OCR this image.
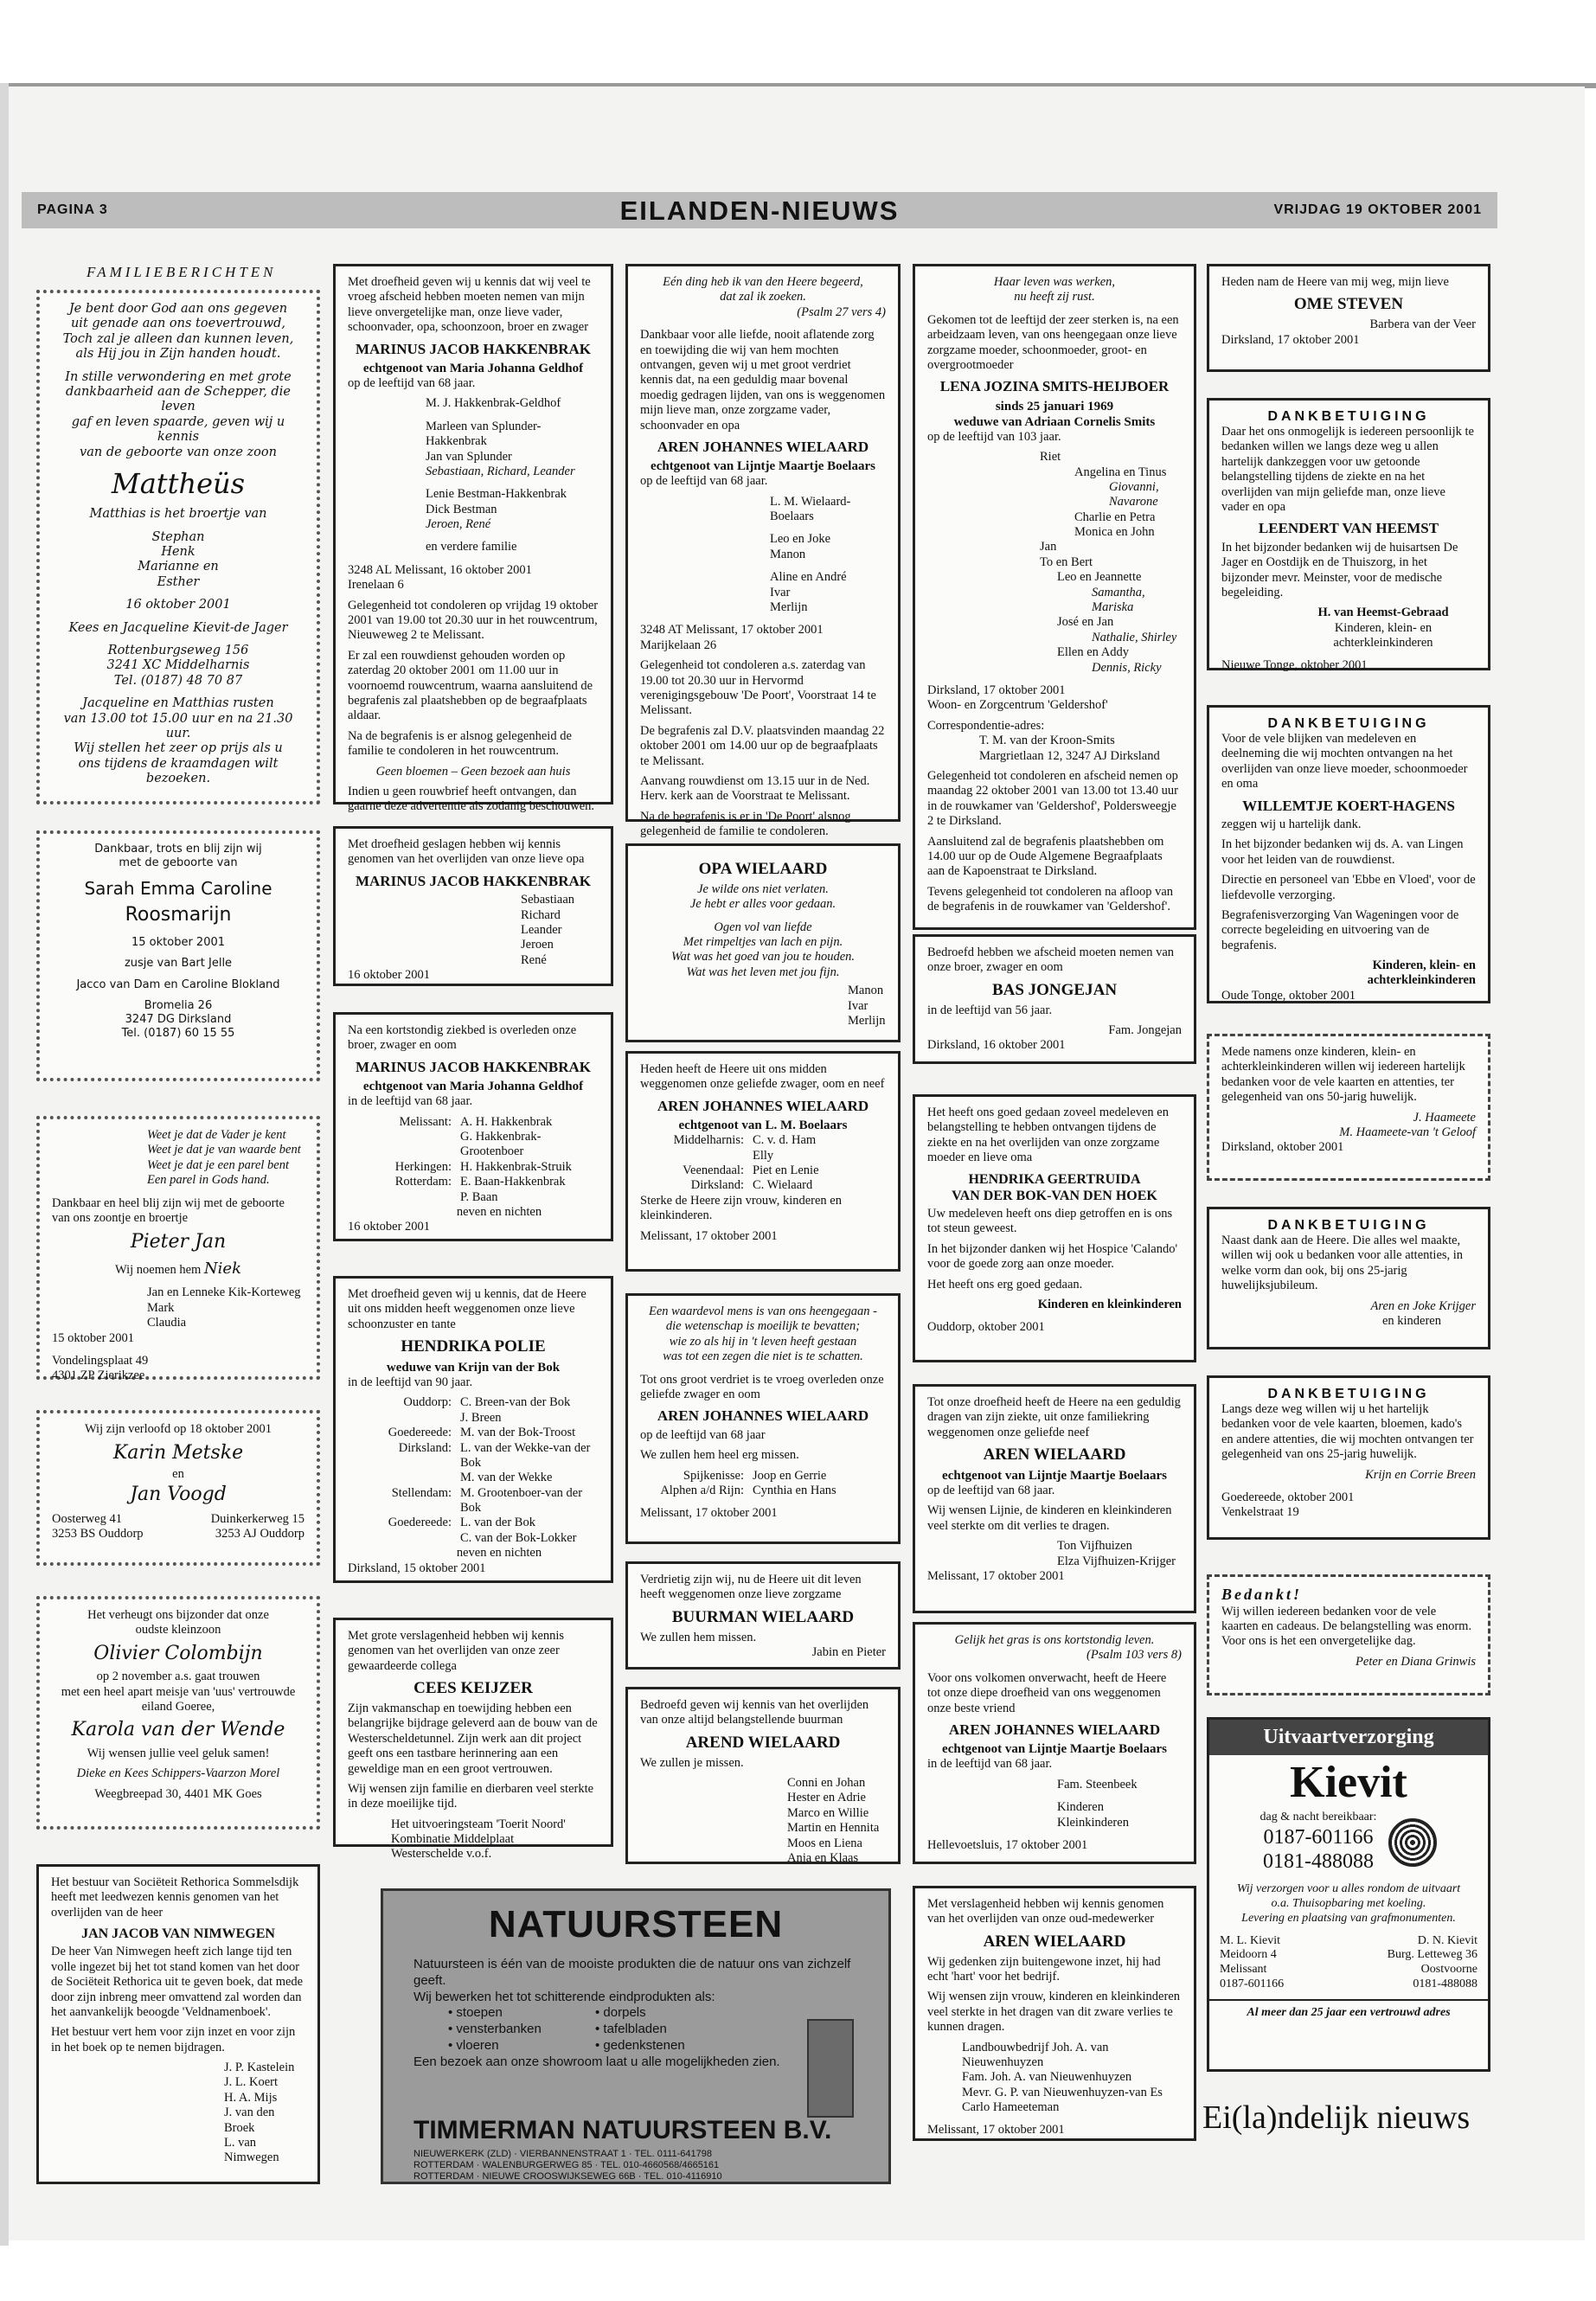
PAGINA 3	EILANDEN-NIEUWS	VRIJDAG 19 OKTOBER 2001
FAMILIEBERICHTEN
Je bent door God aan ons gegeven
uit genade aan ons toevertrouwd,
Toch zal je alleen dan kunnen leven,
als Hij jou in Zijn handen houdt.
In stille verwondering en met grote
dankbaarheid aan de Schepper, die leven
gaf en leven spaarde, geven wij u kennis
van de geboorte van onze zoon
Mattheüs
Matthias is het broertje van
Stephan
Henk
Marianne en
Esther
16 oktober 2001
Kees en Jacqueline Kievit-de Jager
Rottenburgseweg 156
3241 XC Middelharnis
Tel. (0187) 48 70 87
Jacqueline en Matthias rusten
van 13.00 tot 15.00 uur en na 21.30 uur.
Wij stellen het zeer op prijs als u
ons tijdens de kraamdagen wilt bezoeken.
Dankbaar, trots en blij zijn wij
met de geboorte van
Sarah Emma Caroline
Roosmarijn
15 oktober 2001
zusje van Bart Jelle
Jacco van Dam en Caroline Blokland
Bromelia 26
3247 DG Dirksland
Tel. (0187) 60 15 55
Weet je dat de Vader je kent
Weet je dat je van waarde bent
Weet je dat je een parel bent
Een parel in Gods hand.
Dankbaar en heel blij zijn wij met de geboorte van ons zoontje en broertje
Pieter Jan
Wij noemen hem Niek
Jan en Lenneke Kik-Korteweg
Mark
Claudia
15 oktober 2001
Vondelingsplaat 49
4301 ZP Zierikzee
Wij zijn verloofd op 18 oktober 2001
Karin Metske
en
Jan Voogd
Oosterweg 41
3253 BS Ouddorp
Duinkerkerweg 15
3253 AJ Ouddorp
Het verheugt ons bijzonder dat onze
oudste kleinzoon
Olivier Colombijn
op 2 november a.s. gaat trouwen
met een heel apart meisje van 'uus' vertrouwde eiland Goeree,
Karola van der Wende
Wij wensen jullie veel geluk samen!
Dieke en Kees Schippers-Vaarzon Morel
Weegbreepad 30, 4401 MK Goes

Het bestuur van Sociëteit Rethorica Sommelsdijk heeft met leedwezen kennis genomen van het overlijden van de heer

JAN JACOB VAN NIMWEGEN

De heer Van Nimwegen heeft zich lange tijd ten volle ingezet bij het tot stand komen van het door de Sociëteit Rethorica uit te geven boek, dat mede door zijn inbreng meer omvattend zal worden dan het aanvankelijk beoogde 'Veldnamenboek'.

Het bestuur vert hem voor zijn inzet en voor zijn in het boek op te nemen bijdragen.

J. P. Kastelein
J. L. Koert
H. A. Mijs
J. van den Broek
L. van Nimwegen

Met droefheid geven wij u kennis dat wij veel te vroeg afscheid hebben moeten nemen van mijn lieve onvergetelijke man, onze lieve vader, schoonvader, opa, schoonzoon, broer en zwager

MARINUS JACOB HAKKENBRAK
echtgenoot van Maria Johanna Geldhof

op de leeftijd van 68 jaar.

M. J. Hakkenbrak-Geldhof
Marleen van Splunder-Hakkenbrak
Jan van Splunder
Sebastiaan, Richard, Leander
Lenie Bestman-Hakkenbrak
Dick Bestman
Jeroen, René
en verdere familie
3248 AL Melissant, 16 oktober 2001

Irenelaan 6

Gelegenheid tot condoleren op vrijdag 19 oktober 2001 van 19.00 tot 20.30 uur in het rouwcentrum, Nieuweweg 2 te Melissant.

Er zal een rouwdienst gehouden worden op zaterdag 20 oktober 2001 om 11.00 uur in voornoemd rouwcentrum, waarna aansluitend de begrafenis zal plaatshebben op de begraafplaats aldaar.

Na de begrafenis is er alsnog gelegenheid de familie te condoleren in het rouwcentrum.

Geen bloemen – Geen bezoek aan huis

Indien u geen rouwbrief heeft ontvangen, dan gaarne deze advertentie als zodanig beschouwen.

Met droefheid geslagen hebben wij kennis genomen van het overlijden van onze lieve opa

MARINUS JACOB HAKKENBRAK
Sebastiaan
Richard
Leander
Jeroen
René
16 oktober 2001

Na een kortstondig ziekbed is overleden onze broer, zwager en oom

MARINUS JACOB HAKKENBRAK
echtgenoot van Maria Johanna Geldhof

in de leeftijd van 68 jaar.

Melissant: A. H. Hakkenbrak
G. Hakkenbrak-Grootenboer
Herkingen: H. Hakkenbrak-Struik
Rotterdam: E. Baan-Hakkenbrak
P. Baan
neven en nichten
16 oktober 2001

Met droefheid geven wij u kennis, dat de Heere uit ons midden heeft weggenomen onze lieve schoonzuster en tante

HENDRIKA POLIE
weduwe van Krijn van der Bok

in de leeftijd van 90 jaar.

Ouddorp: C. Breen-van der Bok
J. Breen
Goedereede: M. van der Bok-Troost
Dirksland: L. van der Wekke-van der Bok
M. van der Wekke
Stellendam: M. Grootenboer-van der Bok
Goedereede: L. van der Bok
C. van der Bok-Lokker
neven en nichten
Dirksland, 15 oktober 2001

Met grote verslagenheid hebben wij kennis genomen van het overlijden van onze zeer gewaardeerde collega

CEES KEIJZER

Zijn vakmanschap en toewijding hebben een belangrijke bijdrage geleverd aan de bouw van de Westerscheldetunnel. Zijn werk aan dit project geeft ons een tastbare herinnering aan een geweldige man en een groot vertrouwen.

Wij wensen zijn familie en dierbaren veel sterkte in deze moeilijke tijd.

Het uitvoeringsteam 'Toerit Noord'
Kombinatie Middelplaat
Westerschelde v.o.f.
Eén ding heb ik van den Heere begeerd,
dat zal ik zoeken.
(Psalm 27 vers 4)

Dankbaar voor alle liefde, nooit aflatende zorg en toewijding die wij van hem mochten ontvangen, geven wij u met groot verdriet kennis dat, na een geduldig maar bovenal moedig gedragen lijden, van ons is weggenomen mijn lieve man, onze zorgzame vader, schoonvader en opa

AREN JOHANNES WIELAARD
echtgenoot van Lijntje Maartje Boelaars

op de leeftijd van 68 jaar.

L. M. Wielaard-Boelaars
Leo en Joke
Manon
Aline en André
Ivar
Merlijn
3248 AT Melissant, 17 oktober 2001

Marijkelaan 26

Gelegenheid tot condoleren a.s. zaterdag van 19.00 tot 20.30 uur in Hervormd verenigingsgebouw 'De Poort', Voorstraat 14 te Melissant.

De begrafenis zal D.V. plaatsvinden maandag 22 oktober 2001 om 14.00 uur op de begraafplaats te Melissant.

Aanvang rouwdienst om 13.15 uur in de Ned. Herv. kerk aan de Voorstraat te Melissant.

Na de begrafenis is er in 'De Poort' alsnog gelegenheid de familie te condoleren.

OPA WIELAARD
Je wilde ons niet verlaten.
Je hebt er alles voor gedaan.
Ogen vol van liefde
Met rimpeltjes van lach en pijn.
Wat was het goed van jou te houden.
Wat was het leven met jou fijn.
Manon
Ivar
Merlijn

Heden heeft de Heere uit ons midden weggenomen onze geliefde zwager, oom en neef

AREN JOHANNES WIELAARD
echtgenoot van L. M. Boelaars
Middelharnis: C. v. d. Ham
Elly
Veenendaal: Piet en Lenie
Dirksland: C. Wielaard

Sterke de Heere zijn vrouw, kinderen en kleinkinderen.

Melissant, 17 oktober 2001
Een waardevol mens is van ons heengegaan -
die wetenschap is moeilijk te bevatten;
wie zo als hij in 't leven heeft gestaan
was tot een zegen die niet is te schatten.

Tot ons groot verdriet is te vroeg overleden onze geliefde zwager en oom

AREN JOHANNES WIELAARD

op de leeftijd van 68 jaar

We zullen hem heel erg missen.

Spijkenisse: Joop en Gerrie
Alphen a/d Rijn: Cynthia en Hans
Melissant, 17 oktober 2001

Verdrietig zijn wij, nu de Heere uit dit leven heeft weggenomen onze lieve zorgzame

BUURMAN WIELAARD
We zullen hem missen.
Jabin en Pieter

Bedroefd geven wij kennis van het overlijden van onze altijd belangstellende buurman

AREND WIELAARD

We zullen je missen.

Conni en Johan
Hester en Adrie
Marco en Willie
Martin en Hennita
Moos en Liena
Anja en Klaas
Haar leven was werken,
nu heeft zij rust.

Gekomen tot de leeftijd der zeer sterken is, na een arbeidzaam leven, van ons heengegaan onze lieve zorgzame moeder, schoonmoeder, groot- en overgrootmoeder

LENA JOZINA SMITS-HEIJBOER
sinds 25 januari 1969
weduwe van Adriaan Cornelis Smits

op de leeftijd van 103 jaar.

Riet
Angelina en Tinus
Giovanni, Navarone
Charlie en Petra
Monica en John
Jan
To en Bert
Leo en Jeannette
Samantha, Mariska
José en Jan
Nathalie, Shirley
Ellen en Addy
Dennis, Ricky
Dirksland, 17 oktober 2001

Woon- en Zorgcentrum 'Geldershof'

Correspondentie-adres:
T. M. van der Kroon-Smits

Margrietlaan 12, 3247 AJ Dirksland

Gelegenheid tot condoleren en afscheid nemen op maandag 22 oktober 2001 van 13.00 tot 13.40 uur in de rouwkamer van 'Geldershof', Poldersweegje 2 te Dirksland.

Aansluitend zal de begrafenis plaatshebben om 14.00 uur op de Oude Algemene Begraafplaats aan de Kapoenstraat te Dirksland.

Tevens gelegenheid tot condoleren na afloop van de begrafenis in de rouwkamer van 'Geldershof'.

Bedroefd hebben we afscheid moeten nemen van onze broer, zwager en oom

BAS JONGEJAN

in de leeftijd van 56 jaar.

Fam. Jongejan
Dirksland, 16 oktober 2001

Het heeft ons goed gedaan zoveel medeleven en belangstelling te hebben ontvangen tijdens de ziekte en na het overlijden van onze zorgzame moeder en lieve oma

HENDRIKA GEERTRUIDA
VAN DER BOK-VAN DEN HOEK

Uw medeleven heeft ons diep getroffen en is ons tot steun geweest.

In het bijzonder danken wij het Hospice 'Calando' voor de goede zorg aan onze moeder.

Het heeft ons erg goed gedaan.

Kinderen en kleinkinderen
Ouddorp, oktober 2001

Tot onze droefheid heeft de Heere na een geduldig dragen van zijn ziekte, uit onze familiekring weggenomen onze geliefde neef

AREN WIELAARD
echtgenoot van Lijntje Maartje Boelaars

op de leeftijd van 68 jaar.

Wij wensen Lijnie, de kinderen en kleinkinderen veel sterkte om dit verlies te dragen.

Ton Vijfhuizen
Elza Vijfhuizen-Krijger
Melissant, 17 oktober 2001
Gelijk het gras is ons kortstondig leven.
(Psalm 103 vers 8)

Voor ons volkomen onverwacht, heeft de Heere tot onze diepe droefheid van ons weggenomen onze beste vriend

AREN JOHANNES WIELAARD
echtgenoot van Lijntje Maartje Boelaars

in de leeftijd van 68 jaar.

Fam. Steenbeek
Kinderen
Kleinkinderen
Hellevoetsluis, 17 oktober 2001

Met verslagenheid hebben wij kennis genomen van het overlijden van onze oud-medewerker

AREN WIELAARD

Wij gedenken zijn buitengewone inzet, hij had echt 'hart' voor het bedrijf.

Wij wensen zijn vrouw, kinderen en kleinkinderen veel sterkte in het dragen van dit zware verlies te kunnen dragen.

Landbouwbedrijf Joh. A. van Nieuwenhuyzen
Fam. Joh. A. van Nieuwenhuyzen
Mevr. G. P. van Nieuwenhuyzen-van Es
Carlo Hameeteman
Melissant, 17 oktober 2001
Heden nam de Heere van mij weg, mijn lieve
OME STEVEN
Barbera van der Veer
Dirksland, 17 oktober 2001
DANKBETUIGING

Daar het ons onmogelijk is iedereen persoonlijk te bedanken willen we langs deze weg u allen hartelijk dankzeggen voor uw getoonde belangstelling tijdens de ziekte en na het overlijden van mijn geliefde man, onze lieve vader en opa

LEENDERT VAN HEEMST

In het bijzonder bedanken wij de huisartsen De Jager en Oostdijk en de Thuiszorg, in het bijzonder mevr. Meinster, voor de medische begeleiding.

H. van Heemst-Gebraad
Kinderen, klein- en
achterkleinkinderen
Nieuwe Tonge, oktober 2001
DANKBETUIGING

Voor de vele blijken van medeleven en deelneming die wij mochten ontvangen na het overlijden van onze lieve moeder, schoonmoeder en oma

WILLEMTJE KOERT-HAGENS

zeggen wij u hartelijk dank.

In het bijzonder bedanken wij ds. A. van Lingen voor het leiden van de rouwdienst.

Directie en personeel van 'Ebbe en Vloed', voor de liefdevolle verzorging.

Begrafenisverzorging Van Wageningen voor de correcte begeleiding en uitvoering van de begrafenis.

Kinderen, klein- en
achterkleinkinderen
Oude Tonge, oktober 2001

Mede namens onze kinderen, klein- en achterkleinkinderen willen wij iedereen hartelijk bedanken voor de vele kaarten en attenties, ter gelegenheid van ons 50-jarig huwelijk.

J. Haameete
M. Haameete-van 't Geloof
Dirksland, oktober 2001
DANKBETUIGING

Naast dank aan de Heere. Die alles wel maakte, willen wij ook u bedanken voor alle attenties, in welke vorm dan ook, bij ons 25-jarig huwelijksjubileum.

Aren en Joke Krijger
en kinderen
DANKBETUIGING

Langs deze weg willen wij u het hartelijk bedanken voor de vele kaarten, bloemen, kado's en andere attenties, die wij mochten ontvangen ter gelegenheid van ons 25-jarig huwelijk.

Krijn en Corrie Breen
Goedereede, oktober 2001
Venkelstraat 19
Bedankt!

Wij willen iedereen bedanken voor de vele kaarten en cadeaus. De belangstelling was enorm. Voor ons is het een onvergetelijke dag.

Peter en Diana Grinwis
Uitvaartverzorging
Kievit
dag & nacht bereikbaar:
0187-601166
0181-488088
Wij verzorgen voor u alles rondom de uitvaart
o.a. Thuisopbaring met koeling.
Levering en plaatsing van grafmonumenten.
M. L. Kievit
Meidoorn 4
Melissant
0187-601166
D. N. Kievit
Burg. Letteweg 36
Oostvoorne
0181-488088
Al meer dan 25 jaar een vertrouwd adres
NATUURSTEEN
Natuursteen is één van de mooiste produkten die de natuur ons van zichzelf geeft.
Wij bewerken het tot schitterende eindprodukten als:
• stoepen	• dorpels
• vensterbanken	• tafelbladen
• vloeren	• gedenkstenen
Een bezoek aan onze showroom laat u alle mogelijkheden zien.
TIMMERMAN NATUURSTEEN B.V.
NIEUWERKERK (ZLD) · VIERBANNENSTRAAT 1 · TEL. 0111-641798
ROTTERDAM · WALENBURGERWEG 85 · TEL. 010-4660568/4665161
ROTTERDAM · NIEUWE CROOSWIJKSEWEG 66B · TEL. 010-4116910
Ei(la)ndelijk nieuws
